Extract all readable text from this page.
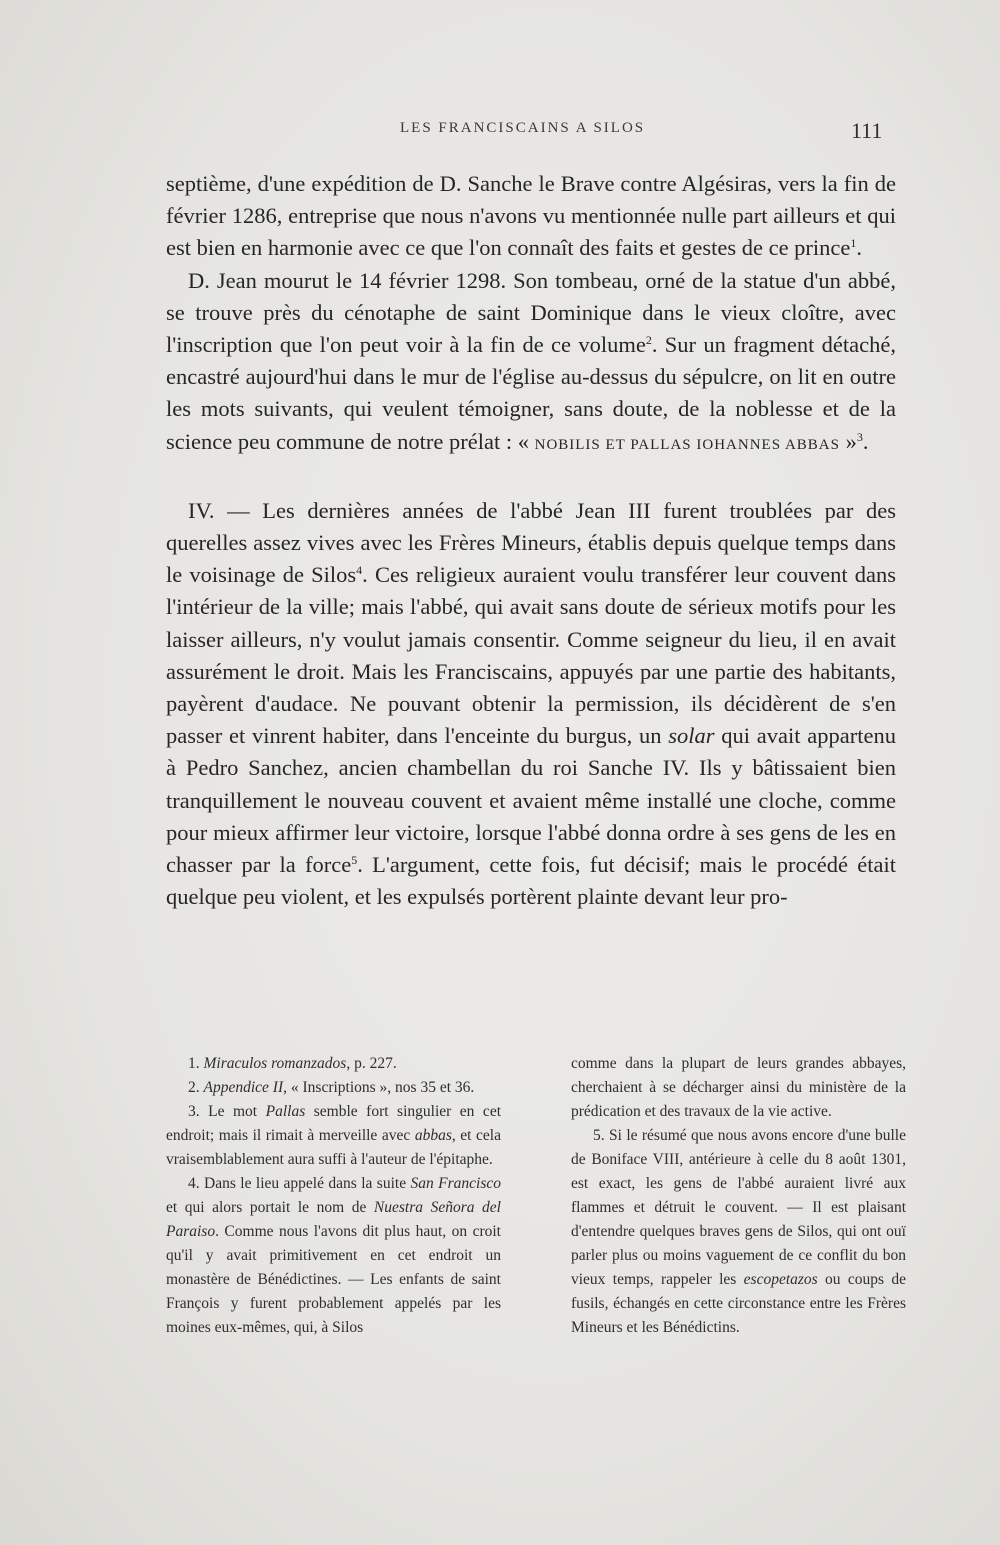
LES FRANCISCAINS A SILOS	111

septième, d'une expédition de D. Sanche le Brave contre Algésiras, vers la fin de février 1286, entreprise que nous n'avons vu mentionnée nulle part ailleurs et qui est bien en harmonie avec ce que l'on connaît des faits et gestes de ce prince$^1$.

D. Jean mourut le 14 février 1298. Son tombeau, orné de la statue d'un abbé, se trouve près du cénotaphe de saint Dominique dans le vieux cloître, avec l'inscription que l'on peut voir à la fin de ce volume$^2$. Sur un fragment détaché, encastré aujourd'hui dans le mur de l'église au-dessus du sépulcre, on lit en outre les mots suivants, qui veulent témoigner, sans doute, de la noblesse et de la science peu commune de notre prélat : « NOBILIS ET PALLAS IOHANNES ABBAS »$^3$.

IV. — Les dernières années de l'abbé Jean III furent troublées par des querelles assez vives avec les Frères Mineurs, établis depuis quelque temps dans le voisinage de Silos$^4$. Ces religieux auraient voulu transférer leur couvent dans l'intérieur de la ville; mais l'abbé, qui avait sans doute de sérieux motifs pour les laisser ailleurs, n'y voulut jamais consentir. Comme seigneur du lieu, il en avait assurément le droit. Mais les Franciscains, appuyés par une partie des habitants, payèrent d'audace. Ne pouvant obtenir la permission, ils décidèrent de s'en passer et vinrent habiter, dans l'enceinte du burgus, un solar qui avait appartenu à Pedro Sanchez, ancien chambellan du roi Sanche IV. Ils y bâtissaient bien tranquillement le nouveau couvent et avaient même installé une cloche, comme pour mieux affirmer leur victoire, lorsque l'abbé donna ordre à ses gens de les en chasser par la force$^5$. L'argument, cette fois, fut décisif; mais le procédé était quelque peu violent, et les expulsés portèrent plainte devant leur pro-

1. Miraculos romanzados, p. 227.

2. Appendice II, « Inscriptions », nos 35 et 36.

3. Le mot Pallas semble fort singulier en cet endroit; mais il rimait à merveille avec abbas, et cela vraisemblablement aura suffi à l'auteur de l'épitaphe.

4. Dans le lieu appelé dans la suite San Francisco et qui alors portait le nom de Nuestra Señora del Paraiso. Comme nous l'avons dit plus haut, on croit qu'il y avait primitivement en cet endroit un monastère de Bénédictines. — Les enfants de saint François y furent probablement appelés par les moines eux-mêmes, qui, à Silos

comme dans la plupart de leurs grandes abbayes, cherchaient à se décharger ainsi du ministère de la prédication et des travaux de la vie active.

5. Si le résumé que nous avons encore d'une bulle de Boniface VIII, antérieure à celle du 8 août 1301, est exact, les gens de l'abbé auraient livré aux flammes et détruit le couvent. — Il est plaisant d'entendre quelques braves gens de Silos, qui ont ouï parler plus ou moins vaguement de ce conflit du bon vieux temps, rappeler les escopetazos ou coups de fusils, échangés en cette circonstance entre les Frères Mineurs et les Bénédictins.
